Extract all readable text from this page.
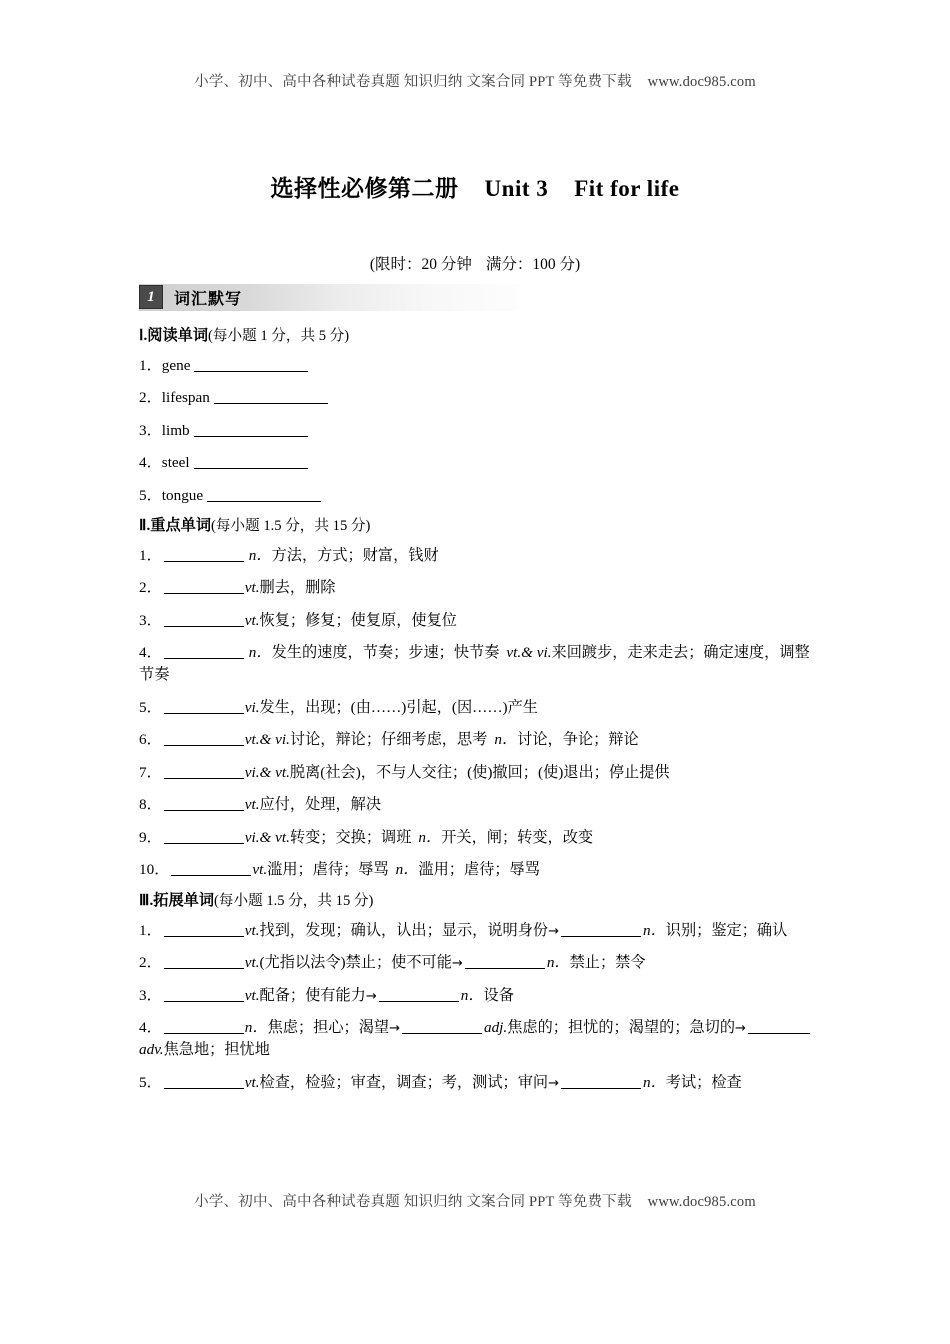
小学、初中、高中各种试卷真题 知识归纳 文案合同 PPT 等免费下载 www.doc985.com
选择性必修第二册 Unit 3 Fit for life
(限时：20 分钟 满分：100 分)
1	词汇默写
Ⅰ.阅读单词(每小题 1 分，共 5 分)
1．gene
2．lifespan
3．limb
4．steel
5．tongue
Ⅱ.重点单词(每小题 1.5 分，共 15 分)
1．	n．方法，方式；财富，钱财
2．	vt.删去，删除
3．	vt.恢复；修复；使复原，使复位
4．	n．发生的速度，节奏；步速；快节奏 vt.& vi.来回踱步，走来走去；确定速度，调整节奏
5．	vi.发生，出现；(由……)引起，(因……)产生
6．	vt.& vi.讨论，辩论；仔细考虑，思考 n．讨论，争论；辩论
7．	vi.& vt.脱离(社会)，不与人交往；(使)撤回；(使)退出；停止提供
8．	vt.应付，处理，解决
9．	vi.& vt.转变；交换；调班 n．开关，闸；转变，改变
10．	vt.滥用；虐待；辱骂 n．滥用；虐待；辱骂
Ⅲ.拓展单词(每小题 1.5 分，共 15 分)
1．	vt.找到，发现；确认，认出；显示，说明身份→	n．识别；鉴定；确认
2．	vt.(尤指以法令)禁止；使不可能→	n．禁止；禁令
3．	vt.配备；使有能力→	n．设备
4．	n．焦虑；担心；渴望→	adj.焦虑的；担忧的；渴望的；急切的→adv.焦急地；担忧地
5．	vt.检查，检验；审查，调查；考，测试；审问→	n．考试；检查
小学、初中、高中各种试卷真题 知识归纳 文案合同 PPT 等免费下载 www.doc985.com
